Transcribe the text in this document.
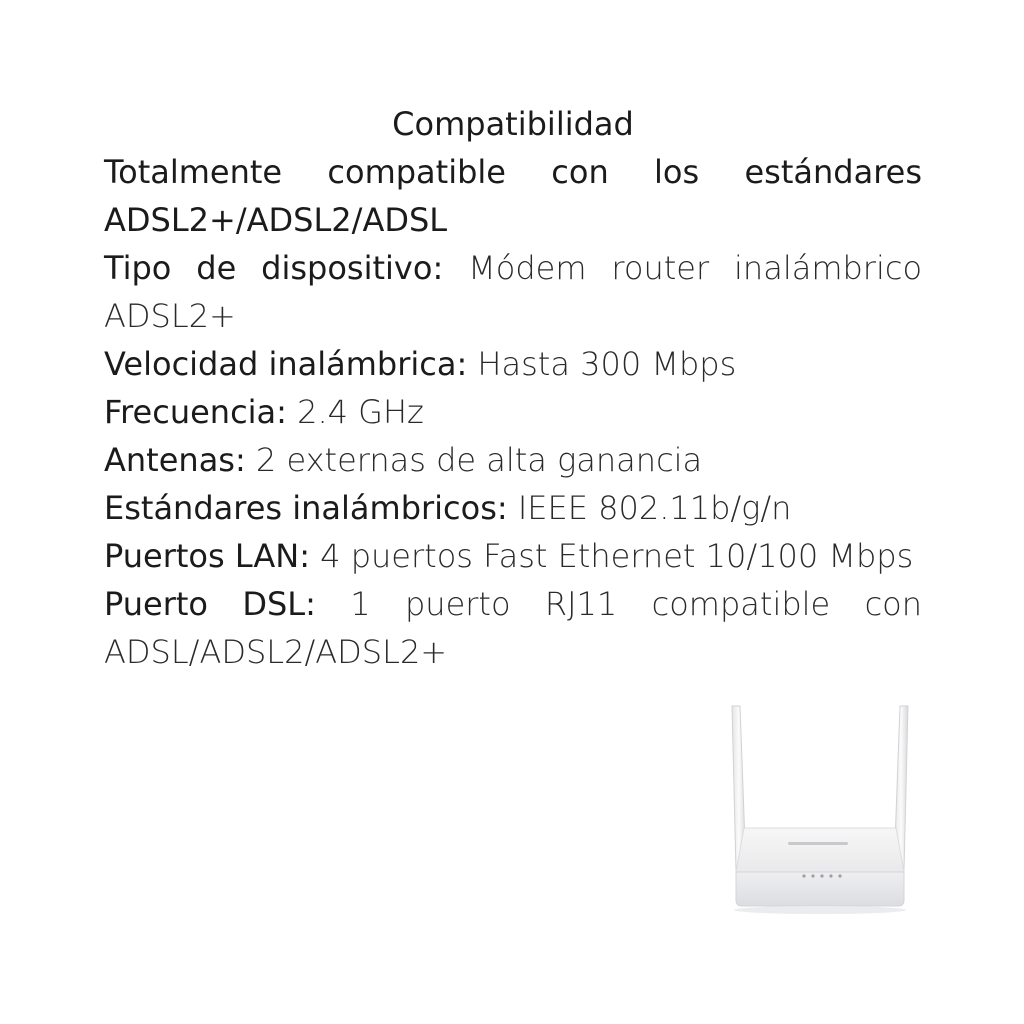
Compatibilidad

Totalmente compatible con los estándares ADSL2+/ADSL2/ADSL

Tipo de dispositivo: Módem router inalámbrico ADSL2+

Velocidad inalámbrica: Hasta 300 Mbps

Frecuencia: 2.4 GHz

Antenas: 2 externas de alta ganancia

Estándares inalámbricos: IEEE 802.11b/g/n

Puertos LAN: 4 puertos Fast Ethernet 10/100 Mbps

Puerto DSL: 1 puerto RJ11 compatible con ADSL/ADSL2/ADSL2+
